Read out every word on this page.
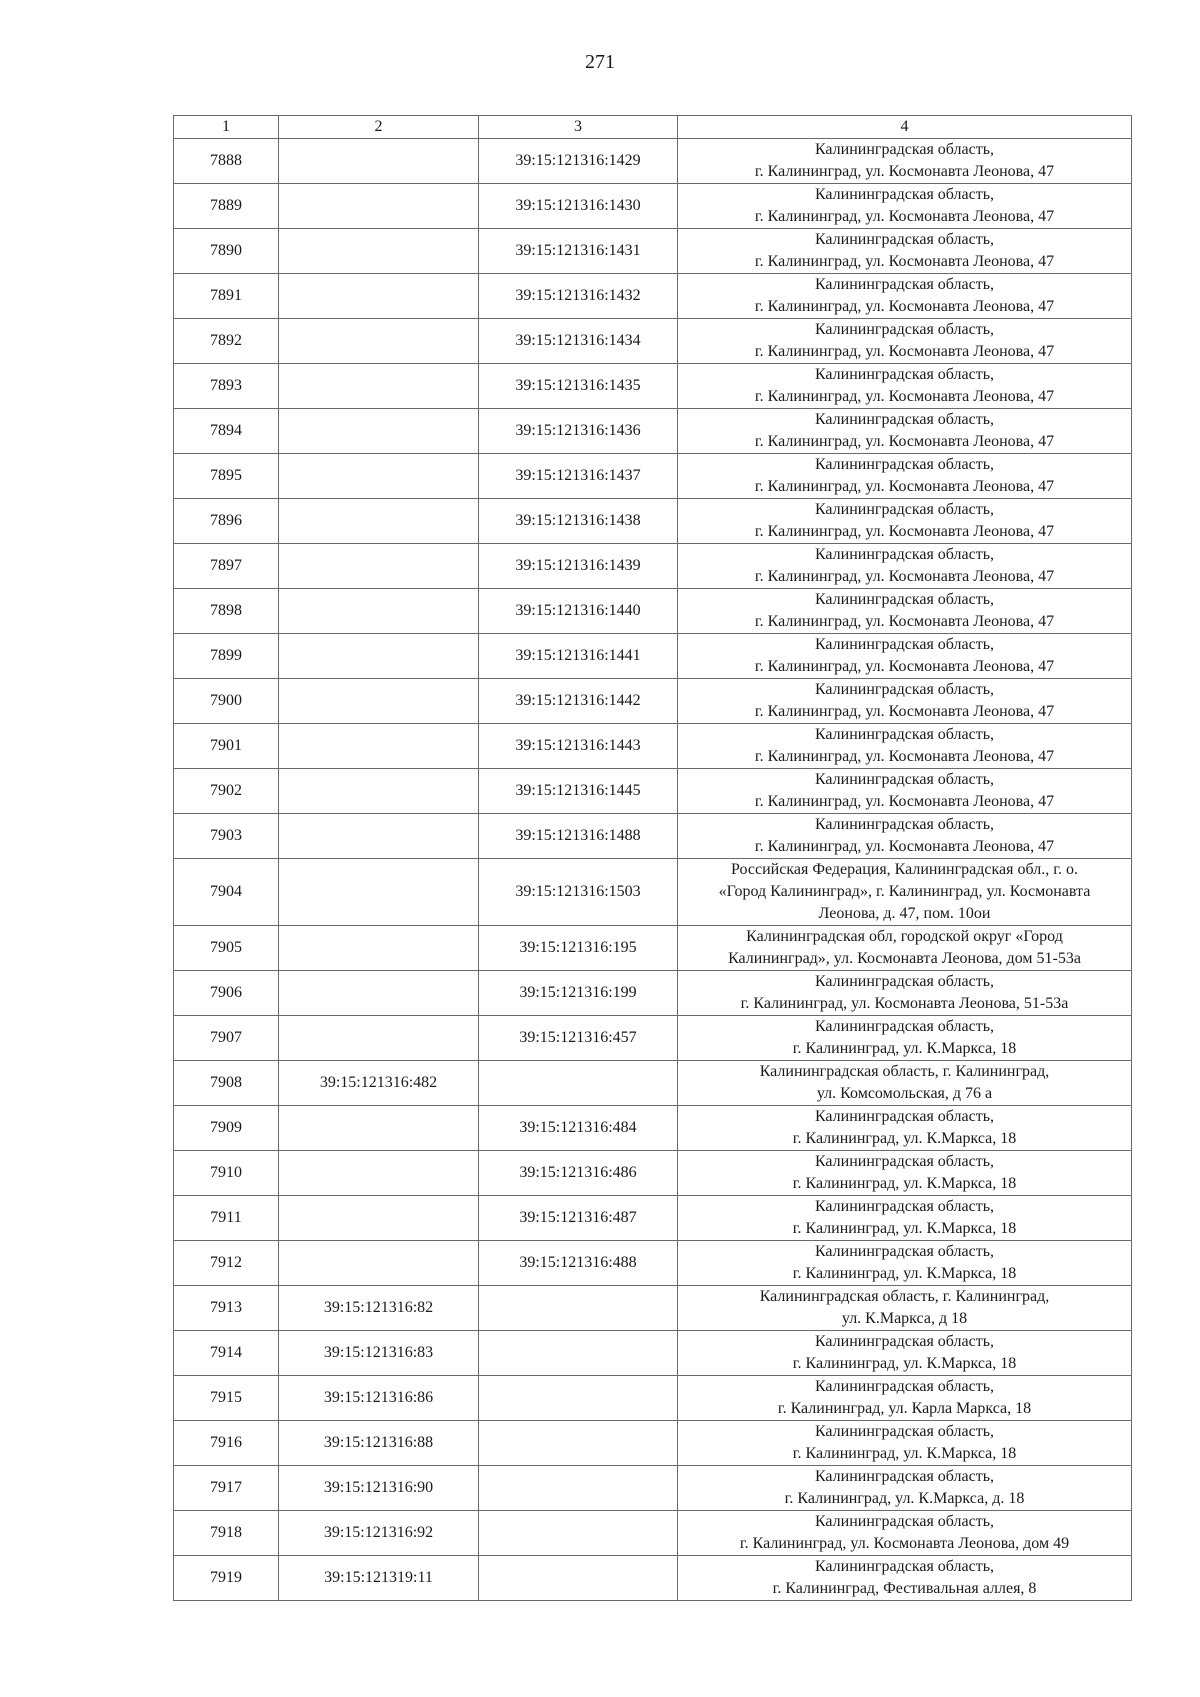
271
1	2	3	4
7888		39:15:121316:1429	Калининградская область,
г. Калининград, ул. Космонавта Леонова, 47

7889		39:15:121316:1430	Калининградская область,
г. Калининград, ул. Космонавта Леонова, 47

7890		39:15:121316:1431	Калининградская область,
г. Калининград, ул. Космонавта Леонова, 47

7891		39:15:121316:1432	Калининградская область,
г. Калининград, ул. Космонавта Леонова, 47

7892		39:15:121316:1434	Калининградская область,
г. Калининград, ул. Космонавта Леонова, 47

7893		39:15:121316:1435	Калининградская область,
г. Калининград, ул. Космонавта Леонова, 47

7894		39:15:121316:1436	Калининградская область,
г. Калининград, ул. Космонавта Леонова, 47

7895		39:15:121316:1437	Калининградская область,
г. Калининград, ул. Космонавта Леонова, 47

7896		39:15:121316:1438	Калининградская область,
г. Калининград, ул. Космонавта Леонова, 47

7897		39:15:121316:1439	Калининградская область,
г. Калининград, ул. Космонавта Леонова, 47

7898		39:15:121316:1440	Калининградская область,
г. Калининград, ул. Космонавта Леонова, 47

7899		39:15:121316:1441	Калининградская область,
г. Калининград, ул. Космонавта Леонова, 47

7900		39:15:121316:1442	Калининградская область,
г. Калининград, ул. Космонавта Леонова, 47

7901		39:15:121316:1443	Калининградская область,
г. Калининград, ул. Космонавта Леонова, 47

7902		39:15:121316:1445	Калининградская область,
г. Калининград, ул. Космонавта Леонова, 47

7903		39:15:121316:1488	Калининградская область,
г. Калининград, ул. Космонавта Леонова, 47

7904		39:15:121316:1503	Российская Федерация, Калининградская обл., г. о.
«Город Калининград», г. Калининград, ул. Космонавта
Леонова, д. 47, пом. 10ои

7905		39:15:121316:195	Калининградская обл, городской округ «Город
Калининград», ул. Космонавта Леонова, дом 51-53а

7906		39:15:121316:199	Калининградская область,
г. Калининград, ул. Космонавта Леонова, 51-53а

7907		39:15:121316:457	Калининградская область,
г. Калининград, ул. К.Маркса, 18

7908	39:15:121316:482		Калининградская область, г. Калининград,
ул. Комсомольская, д 76 а

7909		39:15:121316:484	Калининградская область,
г. Калининград, ул. К.Маркса, 18

7910		39:15:121316:486	Калининградская область,
г. Калининград, ул. К.Маркса, 18

7911		39:15:121316:487	Калининградская область,
г. Калининград, ул. К.Маркса, 18

7912		39:15:121316:488	Калининградская область,
г. Калининград, ул. К.Маркса, 18

7913	39:15:121316:82		Калининградская область, г. Калининград,
ул. К.Маркса, д 18

7914	39:15:121316:83		Калининградская область,
г. Калининград, ул. К.Маркса, 18

7915	39:15:121316:86		Калининградская область,
г. Калининград, ул. Карла Маркса, 18

7916	39:15:121316:88		Калининградская область,
г. Калининград, ул. К.Маркса, 18

7917	39:15:121316:90		Калининградская область,
г. Калининград, ул. К.Маркса, д. 18

7918	39:15:121316:92		Калининградская область,
г. Калининград, ул. Космонавта Леонова, дом 49

7919	39:15:121319:11		Калининградская область,
г. Калининград, Фестивальная аллея, 8
